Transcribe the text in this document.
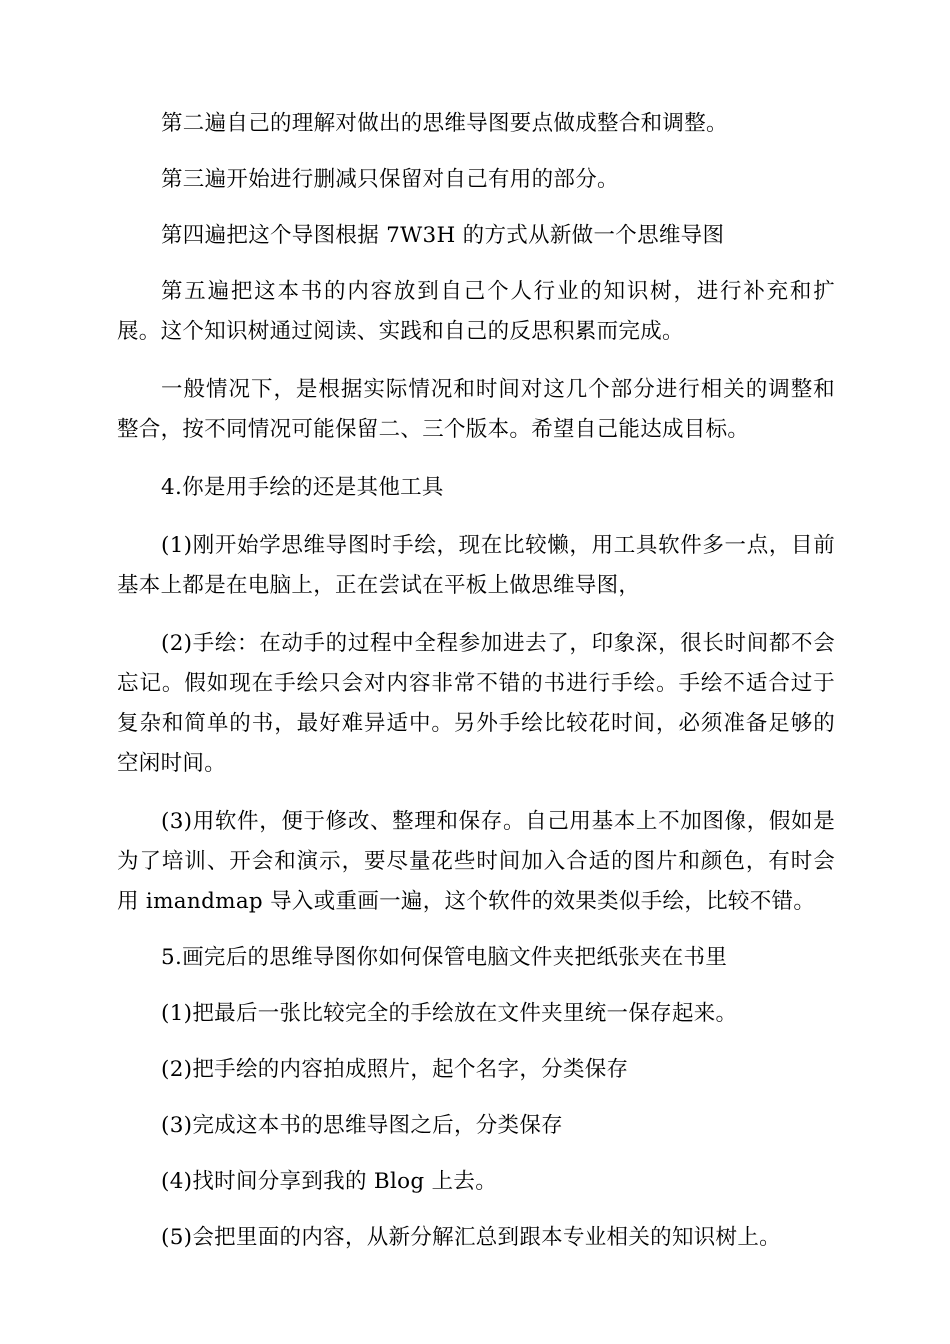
第二遍自己的理解对做出的思维导图要点做成整合和调整。

第三遍开始进行删减只保留对自己有用的部分。

第四遍把这个导图根据 7W3H 的方式从新做一个思维导图

第五遍把这本书的内容放到自己个人行业的知识树，进行补充和扩展。这个知识树通过阅读、实践和自己的反思积累而完成。

一般情况下，是根据实际情况和时间对这几个部分进行相关的调整和整合，按不同情况可能保留二、三个版本。希望自己能达成目标。

4.你是用手绘的还是其他工具

(1)刚开始学思维导图时手绘，现在比较懒，用工具软件多一点，目前基本上都是在电脑上，正在尝试在平板上做思维导图，

(2)手绘：在动手的过程中全程参加进去了，印象深，很长时间都不会忘记。假如现在手绘只会对内容非常不错的书进行手绘。手绘不适合过于复杂和简单的书，最好难异适中。另外手绘比较花时间，必须准备足够的空闲时间。

(3)用软件，便于修改、整理和保存。自己用基本上不加图像，假如是为了培训、开会和演示，要尽量花些时间加入合适的图片和颜色，有时会用 imandmap 导入或重画一遍，这个软件的效果类似手绘，比较不错。

5.画完后的思维导图你如何保管电脑文件夹把纸张夹在书里

(1)把最后一张比较完全的手绘放在文件夹里统一保存起来。

(2)把手绘的内容拍成照片，起个名字，分类保存

(3)完成这本书的思维导图之后，分类保存

(4)找时间分享到我的 Blog 上去。

(5)会把里面的内容，从新分解汇总到跟本专业相关的知识树上。
